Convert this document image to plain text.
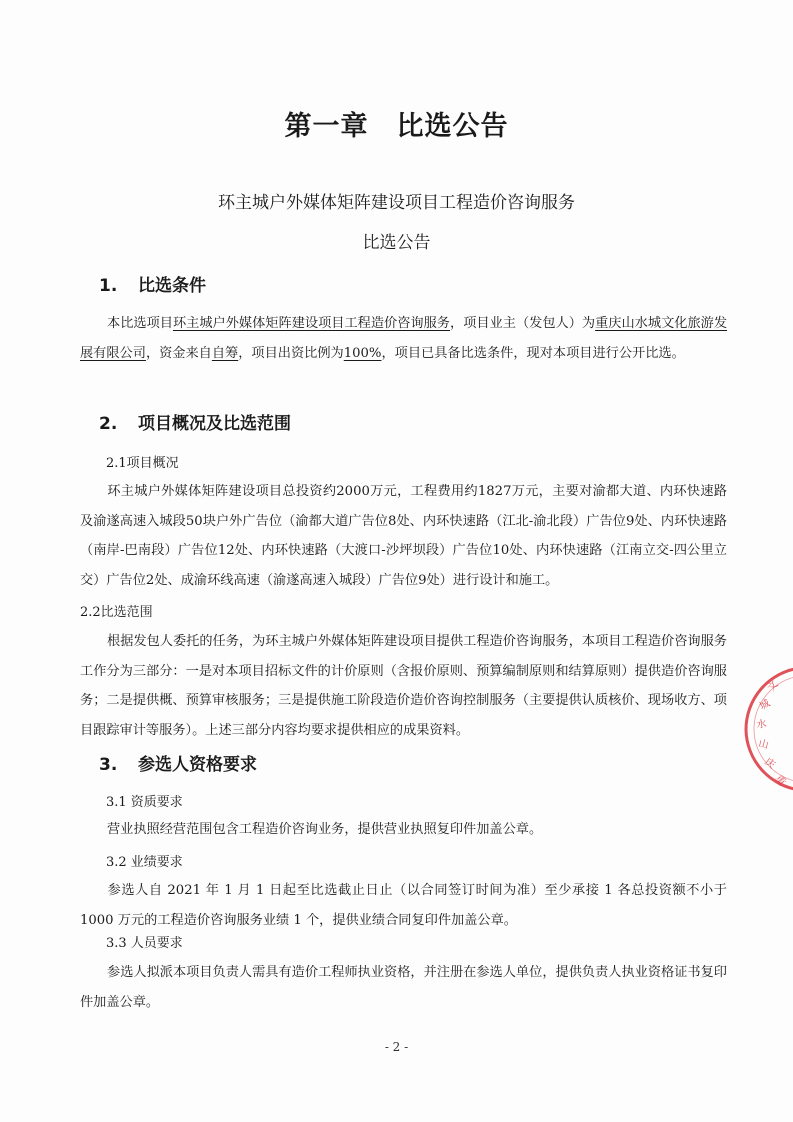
第一章　比选公告
环主城户外媒体矩阵建设项目工程造价咨询服务
比选公告
1. 比选条件
本比选项目环主城户外媒体矩阵建设项目工程造价咨询服务，项目业主（发包人）为重庆山水城文化旅游发展有限公司，资金来自自筹，项目出资比例为100%，项目已具备比选条件，现对本项目进行公开比选。
2. 项目概况及比选范围
2.1项目概况
环主城户外媒体矩阵建设项目总投资约2000万元，工程费用约1827万元，主要对渝都大道、内环快速路及渝遂高速入城段50块户外广告位（渝都大道广告位8处、内环快速路（江北-渝北段）广告位9处、内环快速路（南岸-巴南段）广告位12处、内环快速路（大渡口-沙坪坝段）广告位10处、内环快速路（江南立交-四公里立交）广告位2处、成渝环线高速（渝遂高速入城段）广告位9处）进行设计和施工。
2.2比选范围
根据发包人委托的任务，为环主城户外媒体矩阵建设项目提供工程造价咨询服务，本项目工程造价咨询服务工作分为三部分：一是对本项目招标文件的计价原则（含报价原则、预算编制原则和结算原则）提供造价咨询服务；二是提供概、预算审核服务；三是提供施工阶段造价造价咨询控制服务（主要提供认质核价、现场收方、项目跟踪审计等服务）。上述三部分内容均要求提供相应的成果资料。
3. 参选人资格要求
3.1 资质要求
营业执照经营范围包含工程造价咨询业务，提供营业执照复印件加盖公章。
3.2 业绩要求
参选人自 2021 年 1 月 1 日起至比选截止日止（以合同签订时间为准）至少承接 1 各总投资额不小于 1000 万元的工程造价咨询服务业绩 1 个，提供业绩合同复印件加盖公章。
3.3 人员要求
参选人拟派本项目负责人需具有造价工程师执业资格，并注册在参选人单位，提供负责人执业资格证书复印件加盖公章。
文
城
水
山
庆
重
- 2 -
